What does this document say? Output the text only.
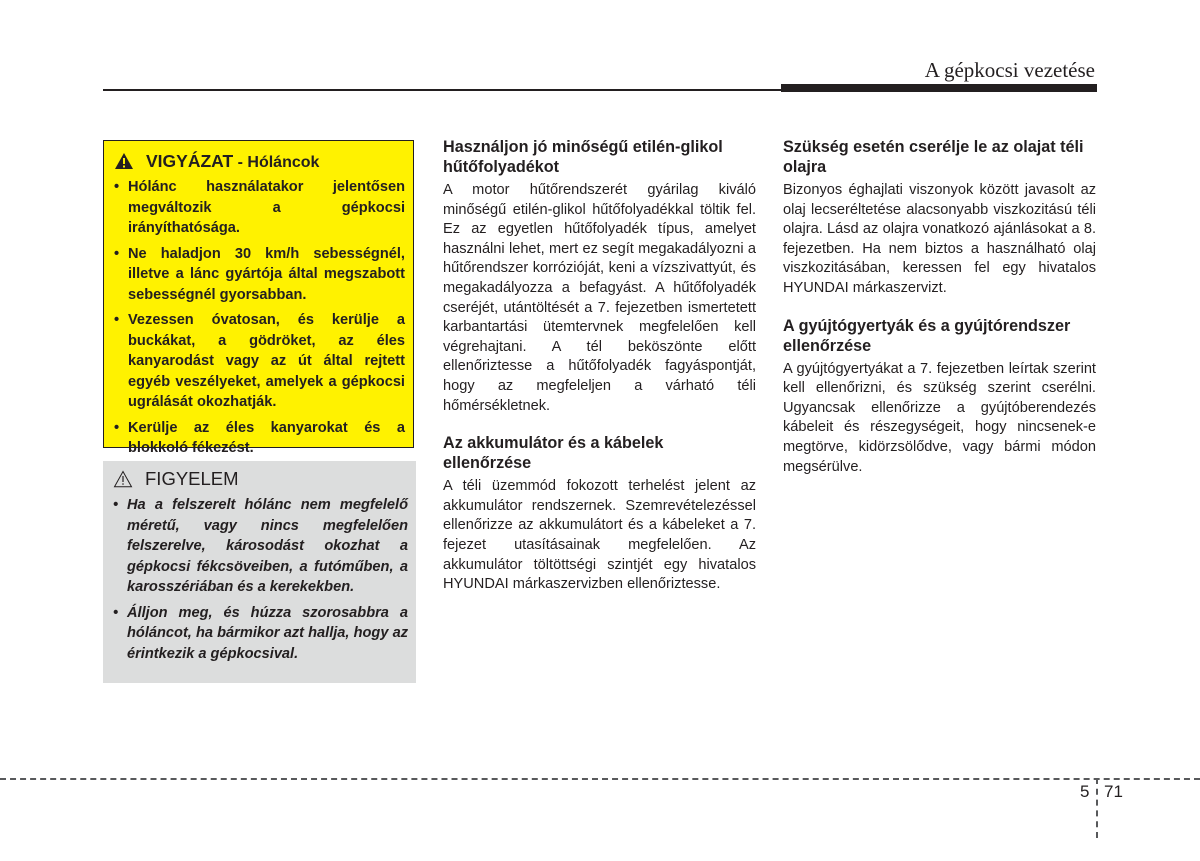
A gépkocsi vezetése
VIGYÁZAT - Hóláncok
• Hólánc használatakor jelentősen megváltozik a gépkocsi irányíthatósága.
• Ne haladjon 30 km/h sebességnél, illetve a lánc gyártója által megszabott sebességnél gyorsabban.
• Vezessen óvatosan, és kerülje a buckákat, a gödröket, az éles kanyarodást vagy az út által rejtett egyéb veszélyeket, amelyek a gépkocsi ugrálását okozhatják.
• Kerülje az éles kanyarokat és a blokkoló fékezést.
FIGYELEM
• Ha a felszerelt hólánc nem megfelelő méretű, vagy nincs megfelelően felszerelve, károsodást okozhat a gépkocsi fékcsöveiben, a futóműben, a karosszériában és a kerekekben.
• Álljon meg, és húzza szorosabbra a hóláncot, ha bármikor azt hallja, hogy az érintkezik a gépkocsival.
Használjon jó minőségű etilén-glikol hűtőfolyadékot
A motor hűtőrendszerét gyárilag kiváló minőségű etilén-glikol hűtőfolyadékkal töltik fel. Ez az egyetlen hűtőfolyadék típus, amelyet használni lehet, mert ez segít megakadályozni a hűtőrendszer korrózióját, keni a vízszivattyút, és megakadályozza a befagyást. A hűtőfolyadék cseréjét, utántöltését a 7. fejezetben ismertetett karbantartási ütemtervnek megfelelően kell végrehajtani. A tél beköszönte előtt ellenőriztesse a hűtőfolyadék fagyáspontját, hogy az megfeleljen a várható téli hőmérsékletnek.
Az akkumulátor és a kábelek ellenőrzése
A téli üzemmód fokozott terhelést jelent az akkumulátor rendszernek. Szemrevételezéssel ellenőrizze az akkumulátort és a kábeleket a 7. fejezet utasításainak megfelelően. Az akkumulátor töltöttségi szintjét egy hivatalos HYUNDAI márkaszervizben ellenőriztesse.
Szükség esetén cserélje le az olajat téli olajra
Bizonyos éghajlati viszonyok között javasolt az olaj lecseréltetése alacsonyabb viszkozitású téli olajra. Lásd az olajra vonatkozó ajánlásokat a 8. fejezetben. Ha nem biztos a használható olaj viszkozitásában, keressen fel egy hivatalos HYUNDAI márkaszervizt.
A gyújtógyertyák és a gyújtórendszer ellenőrzése
A gyújtógyertyákat a 7. fejezetben leírtak szerint kell ellenőrizni, és szükség szerint cserélni. Ugyancsak ellenőrizze a gyújtóberendezés kábeleit és részegységeit, hogy nincsenek-e megtörve, kidörzsölődve, vagy bármi módon megsérülve.
5 71
